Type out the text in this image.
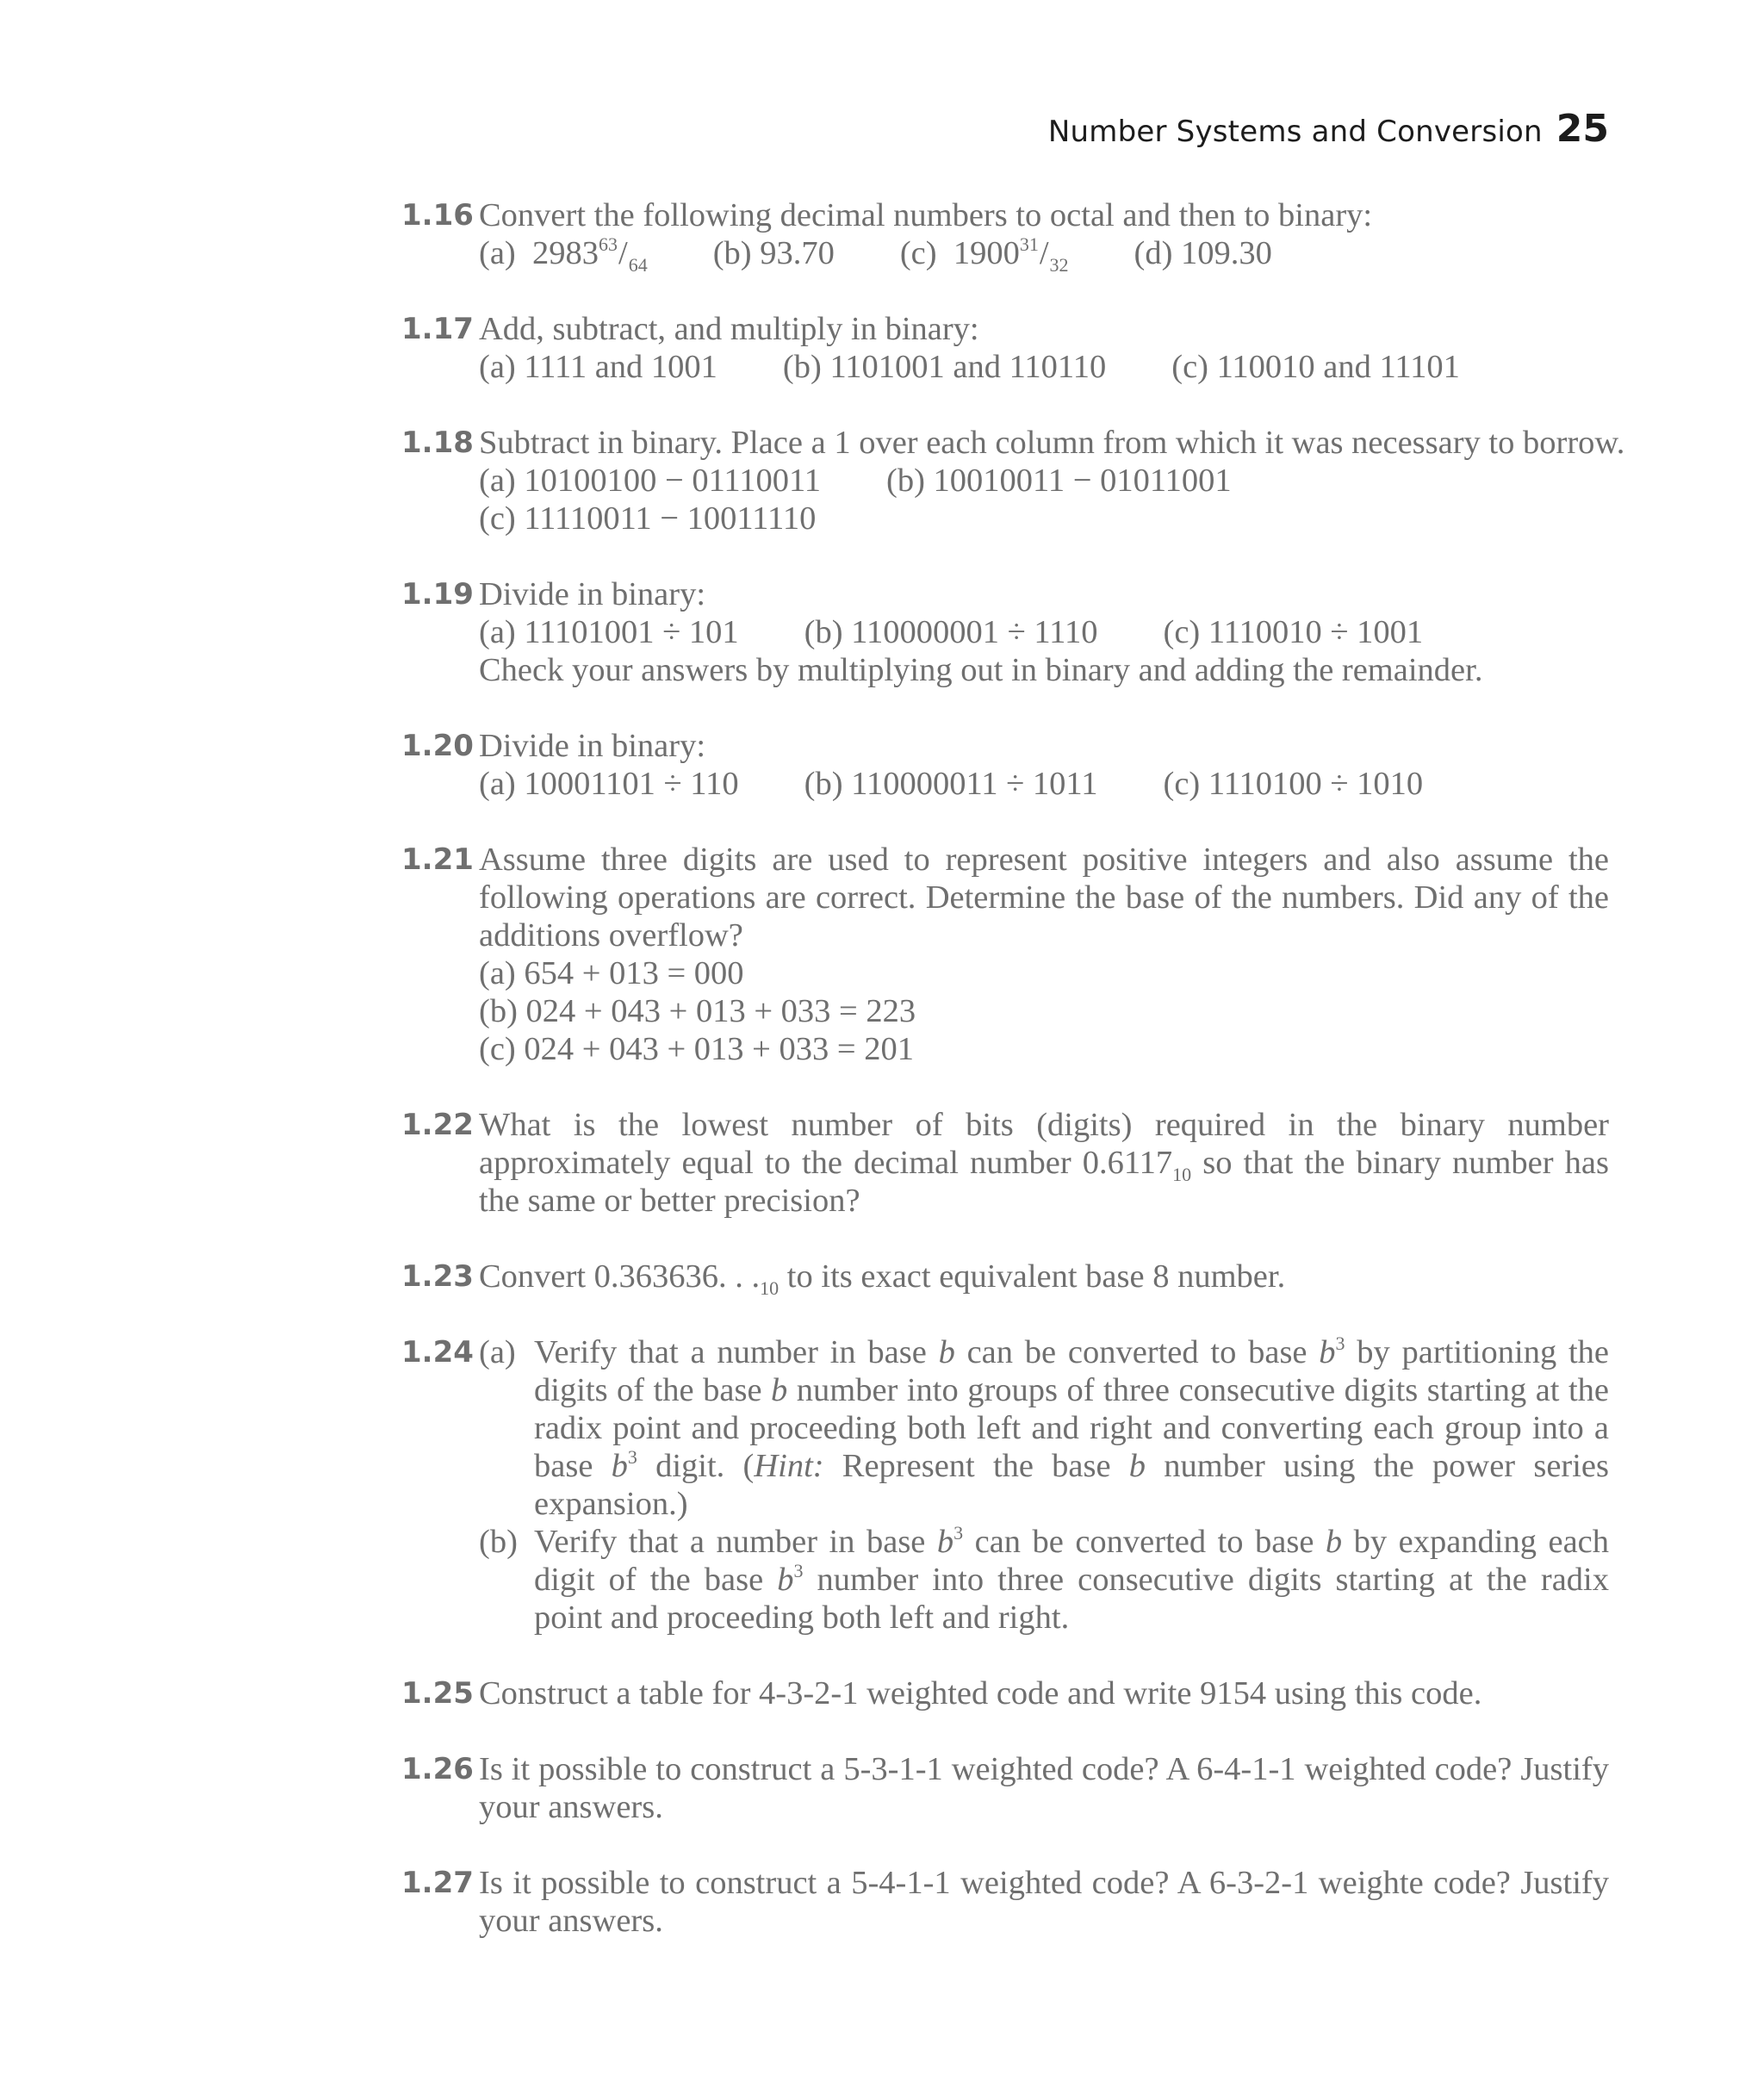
Number Systems and Conversion 25
1.16 Convert the following decimal numbers to octal and then to binary:
(a) $2983^{63}/_{64}$ (b) 93.70 (c) $1900^{31}/_{32}$ (d) 109.30
1.17 Add, subtract, and multiply in binary:
(a) 1111 and 1001 (b) 1101001 and 110110 (c) 110010 and 11101
1.18 Subtract in binary. Place a 1 over each column from which it was necessary to borrow.
(a) 10100100 − 01110011 (b) 10010011 − 01011001
(c) 11110011 − 10011110
1.19 Divide in binary:
(a) 11101001 ÷ 101 (b) 110000001 ÷ 1110 (c) 1110010 ÷ 1001
Check your answers by multiplying out in binary and adding the remainder.
1.20 Divide in binary:
(a) 10001101 ÷ 110 (b) 110000011 ÷ 1011 (c) 1110100 ÷ 1010
1.21 Assume three digits are used to represent positive integers and also assume the following operations are correct. Determine the base of the numbers. Did any of the additions overflow?
(a) 654 + 013 = 000
(b) 024 + 043 + 013 + 033 = 223
(c) 024 + 043 + 013 + 033 = 201
1.22 What is the lowest number of bits (digits) required in the binary number approximately equal to the decimal number $0.6117_{10}$ so that the binary number has the same or better precision?
1.23 Convert 0.363636. . $._{10}$ to its exact equivalent base 8 number.
1.24 (a) Verify that a number in base b can be converted to base $b^3$ by partitioning the digits of the base b number into groups of three consecutive digits starting at the radix point and proceeding both left and right and converting each group into a base $b^3$ digit. (Hint: Represent the base b number using the power series expansion.)
(b) Verify that a number in base $b^3$ can be converted to base b by expanding each digit of the base $b^3$ number into three consecutive digits starting at the radix point and proceeding both left and right.
1.25 Construct a table for 4-3-2-1 weighted code and write 9154 using this code.
1.26 Is it possible to construct a 5-3-1-1 weighted code? A 6-4-1-1 weighted code? Justify your answers.
1.27 Is it possible to construct a 5-4-1-1 weighted code? A 6-3-2-1 weighte code? Justify your answers.
